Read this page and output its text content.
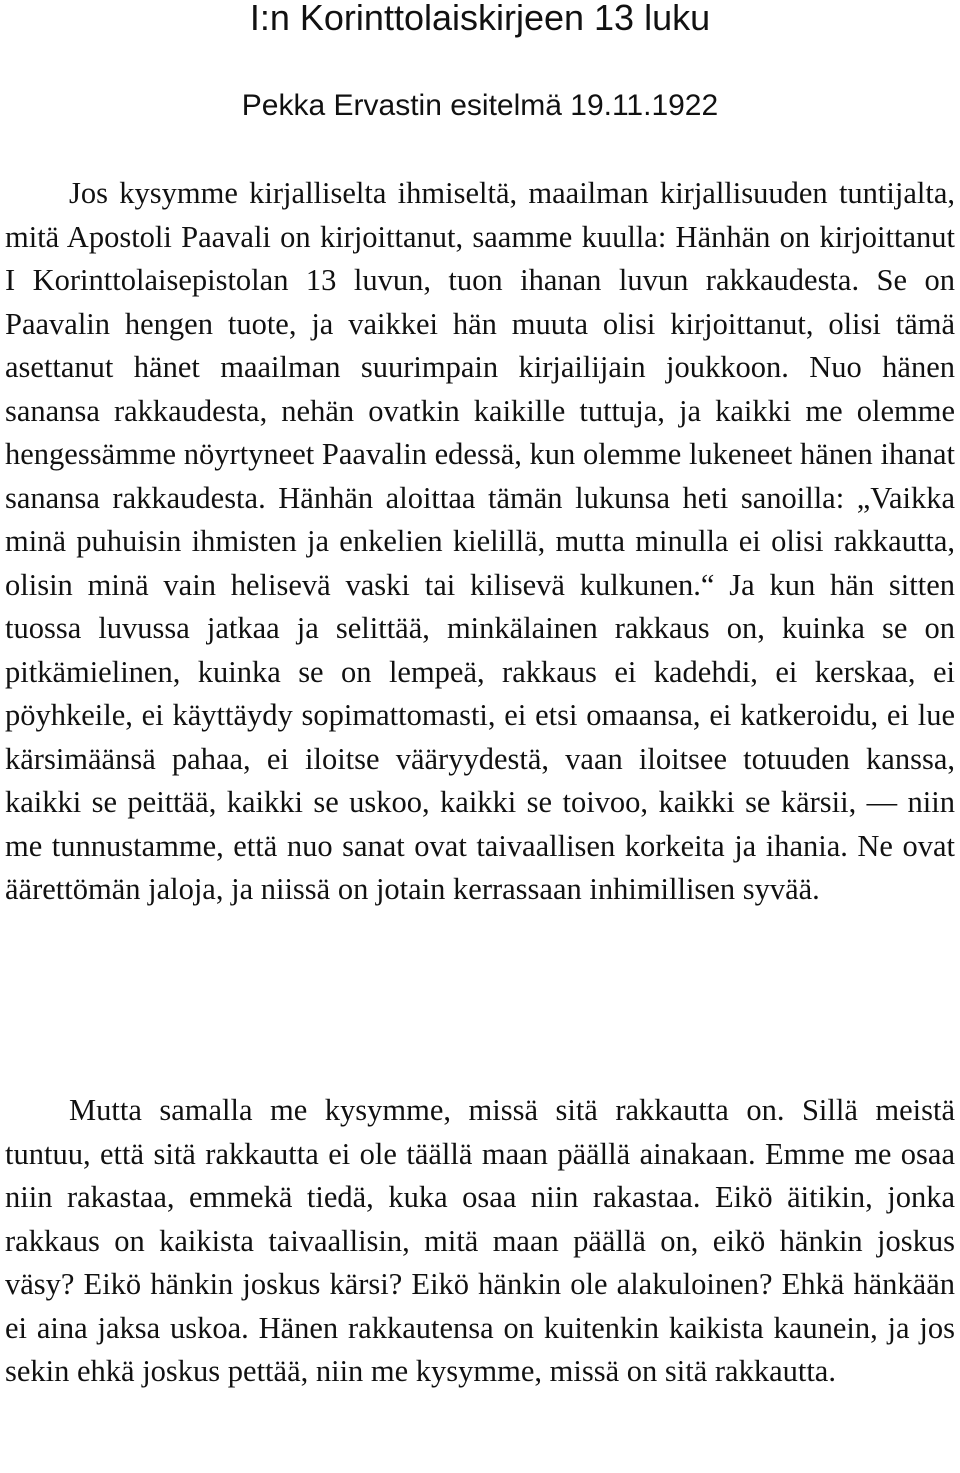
I:n Korinttolaiskirjeen 13 luku

Pekka Ervastin esitelmä 19.11.1922

Jos kysymme kirjalliselta ihmiseltä, maailman kirjallisuuden tuntijalta, mitä Apostoli Paavali on kirjoittanut, saamme kuulla: Hänhän on kirjoittanut I Korinttolaisepistolan 13 luvun, tuon ihanan luvun rakkaudesta. Se on Paavalin hengen tuote, ja vaikkei hän muuta olisi kirjoittanut, olisi tämä asettanut hänet maailman suurimpain kirjailijain joukkoon. Nuo hänen sanansa rakkaudesta, nehän ovatkin kaikille tuttuja, ja kaikki me olemme hengessämme nöyrtyneet Paavalin edessä, kun olemme lukeneet hänen ihanat sanansa rakkaudesta. Hänhän aloittaa tämän lukunsa heti sanoilla: „Vaikka minä puhuisin ihmisten ja enkelien kielillä, mutta minulla ei olisi rakkautta, olisin minä vain helisevä vaski tai kilisevä kulkunen.“ Ja kun hän sitten tuossa luvussa jatkaa ja selittää, minkälainen rakkaus on, kuinka se on pitkämielinen, kuinka se on lempeä, rakkaus ei kadehdi, ei kerskaa, ei pöyhkeile, ei käyttäydy sopimattomasti, ei etsi omaansa, ei katkeroidu, ei lue kärsimäänsä pahaa, ei iloitse vääryydestä, vaan iloitsee totuuden kanssa, kaikki se peittää, kaikki se uskoo, kaikki se toivoo, kaikki se kärsii, — niin me tunnustamme, että nuo sanat ovat taivaallisen korkeita ja ihania. Ne ovat äärettömän jaloja, ja niissä on jotain kerrassaan inhimillisen syvää.

Mutta samalla me kysymme, missä sitä rakkautta on. Sillä meistä tuntuu, että sitä rakkautta ei ole täällä maan päällä ainakaan. Emme me osaa niin rakastaa, emmekä tiedä, kuka osaa niin rakastaa. Eikö äitikin, jonka rakkaus on kaikista taivaallisin, mitä maan päällä on, eikö hänkin joskus väsy? Eikö hänkin joskus kärsi? Eikö hänkin ole alakuloinen? Ehkä hänkään ei aina jaksa uskoa. Hänen rakkautensa on kuitenkin kaikista kaunein, ja jos sekin ehkä joskus pettää, niin me kysymme, missä on sitä rakkautta.
